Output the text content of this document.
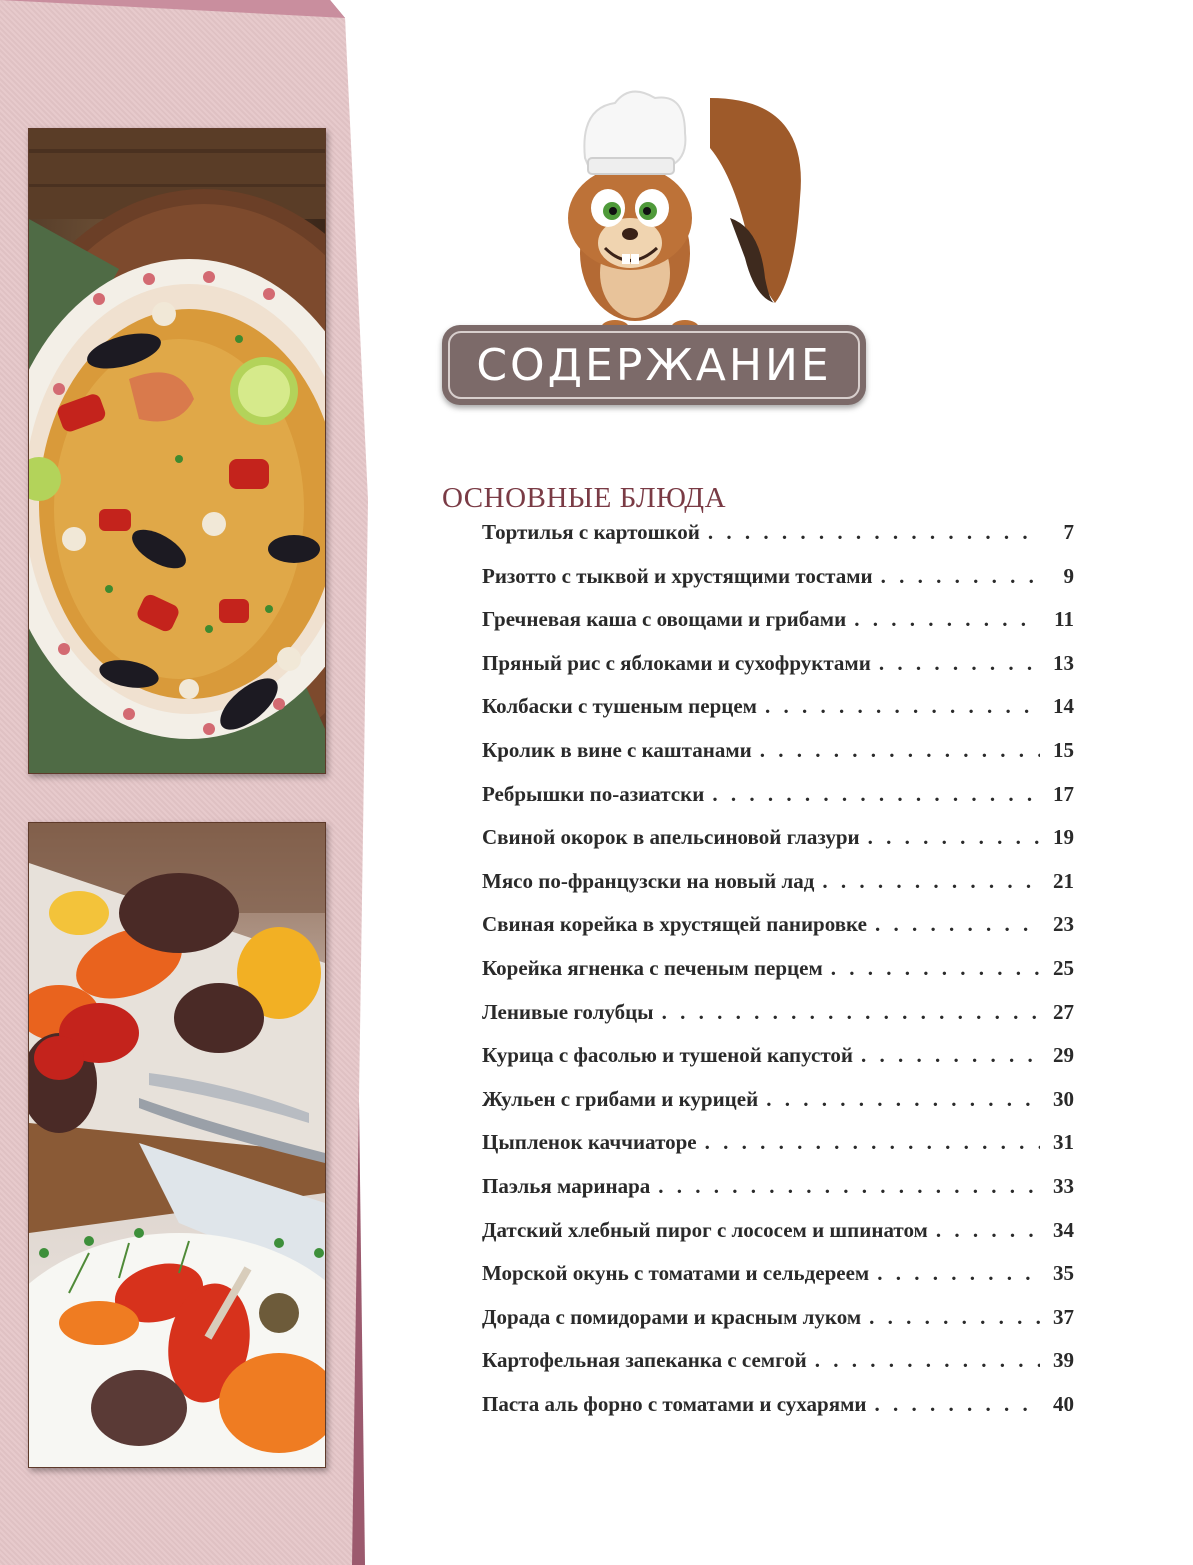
СОДЕРЖАНИЕ
ОСНОВНЫЕ БЛЮДА
Тортилья с картошкой . . .	7
Ризотто с тыквой и хрустящими тостами . . .	9
Гречневая каша с овощами и грибами . . .	11
Пряный рис с яблоками и сухофруктами . . .	13
Колбаски с тушеным перцем . . .	14
Кролик в вине с каштанами . . .	15
Ребрышки по-азиатски . . .	17
Свиной окорок в апельсиновой глазури . . .	19
Мясо по-французски на новый лад . . .	21
Свиная корейка в хрустящей панировке . . .	23
Корейка ягненка с печеным перцем . . .	25
Ленивые голубцы . . .	27
Курица с фасолью и тушеной капустой . . .	29
Жульен с грибами и курицей . . .	30
Цыпленок каччиаторе . . .	31
Паэлья маринара . . .	33
Датский хлебный пирог с лососем и шпинатом . . .	34
Морской окунь с томатами и сельдереем . . .	35
Дорада с помидорами и красным луком . . .	37
Картофельная запеканка с семгой . . .	39
Паста аль форно с томатами и сухарями . . .	40
